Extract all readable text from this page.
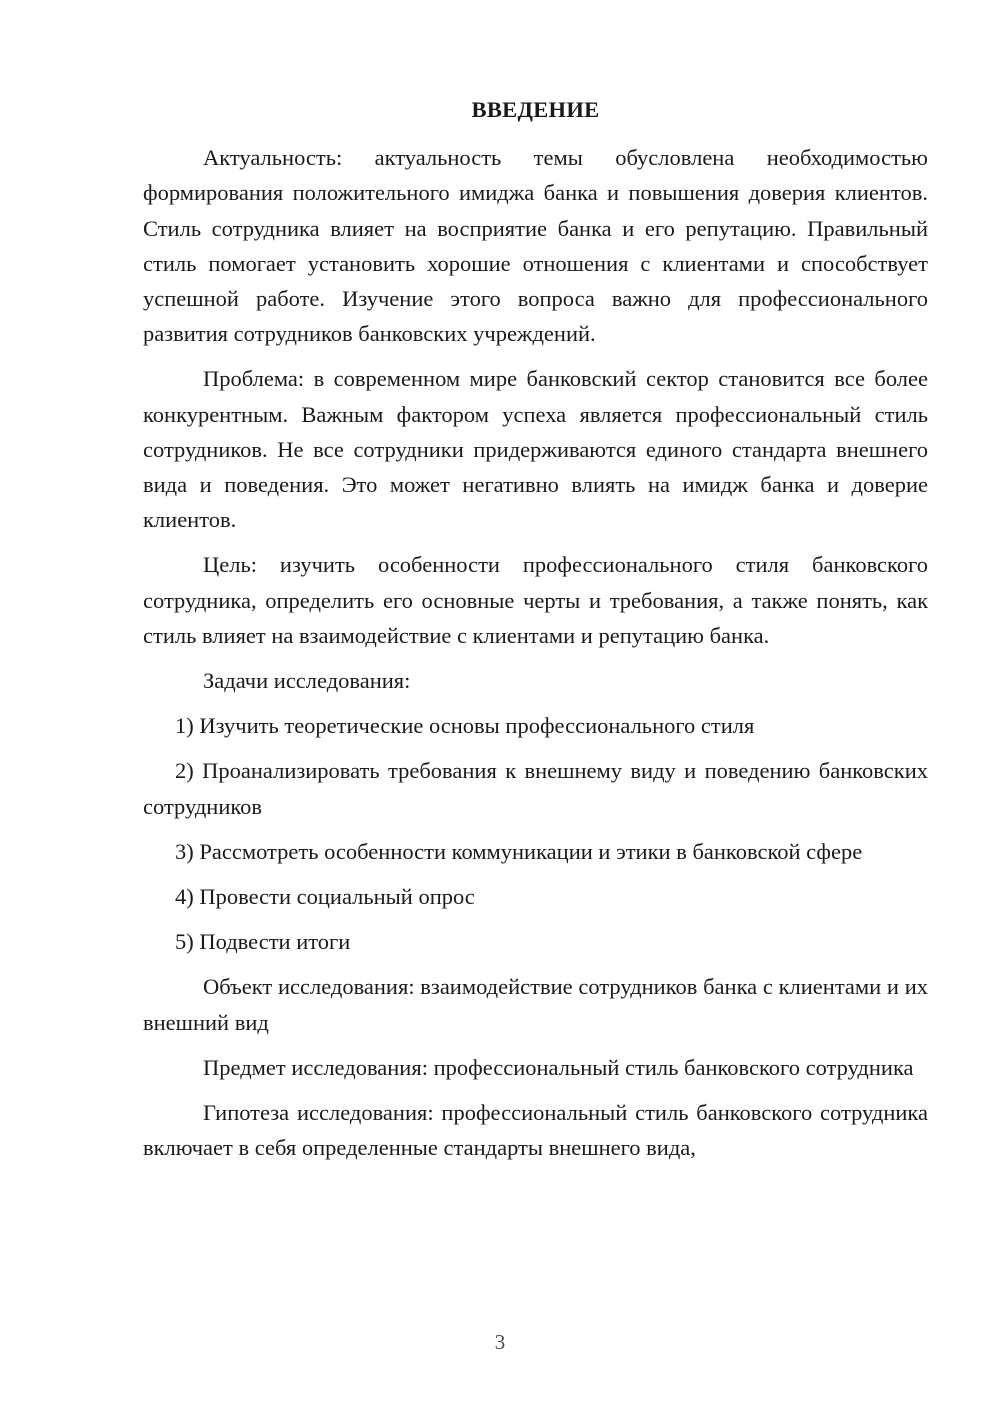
ВВЕДЕНИЕ

Актуальность: актуальность темы обусловлена необходимостью формирования положительного имиджа банка и повышения доверия клиентов. Стиль сотрудника влияет на восприятие банка и его репутацию. Правильный стиль помогает установить хорошие отношения с клиентами и способствует успешной работе. Изучение этого вопроса важно для профессионального развития сотрудников банковских учреждений.

Проблема: в современном мире банковский сектор становится все более конкурентным. Важным фактором успеха является профессиональный стиль сотрудников. Не все сотрудники придерживаются единого стандарта внешнего вида и поведения. Это может негативно влиять на имидж банка и доверие клиентов.

Цель: изучить особенности профессионального стиля банковского сотрудника, определить его основные черты и требования, а также понять, как стиль влияет на взаимодействие с клиентами и репутацию банка.

Задачи исследования:

1) Изучить теоретические основы профессионального стиля

2) Проанализировать требования к внешнему виду и поведению банковских сотрудников

3) Рассмотреть особенности коммуникации и этики в банковской сфере

4) Провести социальный опрос

5) Подвести итоги

Объект исследования: взаимодействие сотрудников банка с клиентами и их внешний вид

Предмет исследования: профессиональный стиль банковского сотрудника

Гипотеза исследования: профессиональный стиль банковского сотрудника включает в себя определенные стандарты внешнего вида,

3
